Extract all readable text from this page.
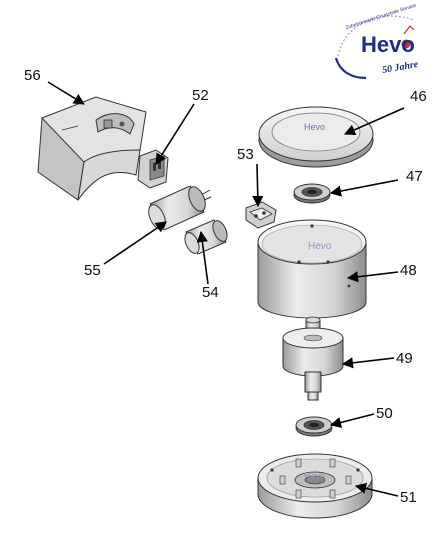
Hevo
50 Jahre
Zubehörmarkt Ersatzteile Service
Hevo
Hevo
Hevo
56
52	46
53
47
55
54
48
49
50
51
